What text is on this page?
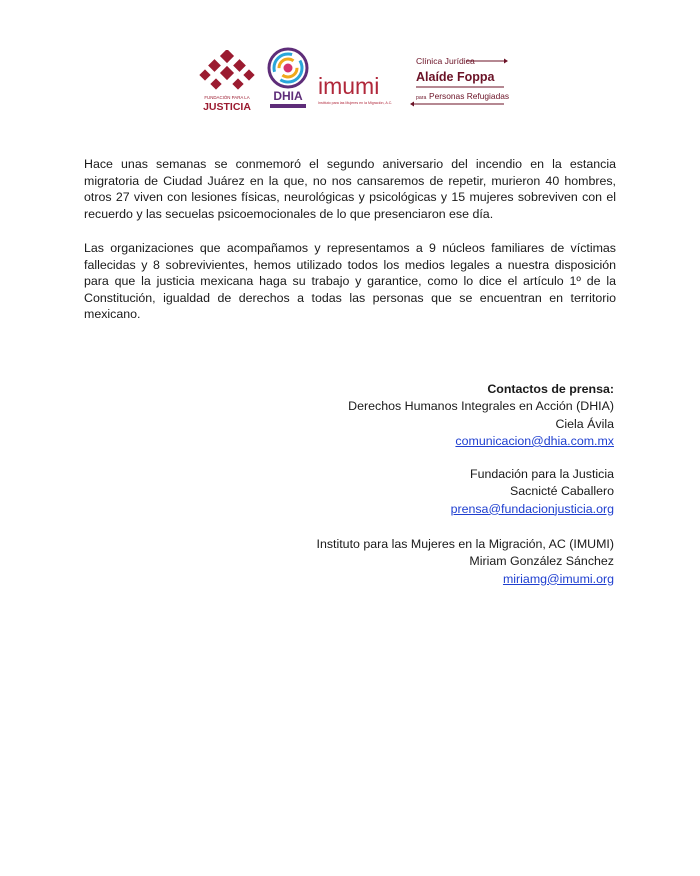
FUNDACIÓN PARA LA
JUSTICIA
DHIA imumi
Instituto para las Mujeres en la Migración, A.C.
Clínica Jurídica
Alaíde Foppa
para Personas Refugiadas

Hace unas semanas se conmemoró el segundo aniversario del incendio en la estancia migratoria de Ciudad Juárez en la que, no nos cansaremos de repetir, murieron 40 hombres, otros 27 viven con lesiones físicas, neurológicas y psicológicas y 15 mujeres sobreviven con el recuerdo y las secuelas psicoemocionales de lo que presenciaron ese día.

Las organizaciones que acompañamos y representamos a 9 núcleos familiares de víctimas fallecidas y 8 sobrevivientes, hemos utilizado todos los medios legales a nuestra disposición para que la justicia mexicana haga su trabajo y garantice, como lo dice el artículo 1º de la Constitución, igualdad de derechos a todas las personas que se encuentran en territorio mexicano.

Contactos de prensa:
Derechos Humanos Integrales en Acción (DHIA)
Ciela Ávila
comunicacion@dhia.com.mx
Fundación para la Justicia
Sacnicté Caballero
prensa@fundacionjusticia.org
Instituto para las Mujeres en la Migración, AC (IMUMI)
Miriam González Sánchez
miriamg@imumi.org
